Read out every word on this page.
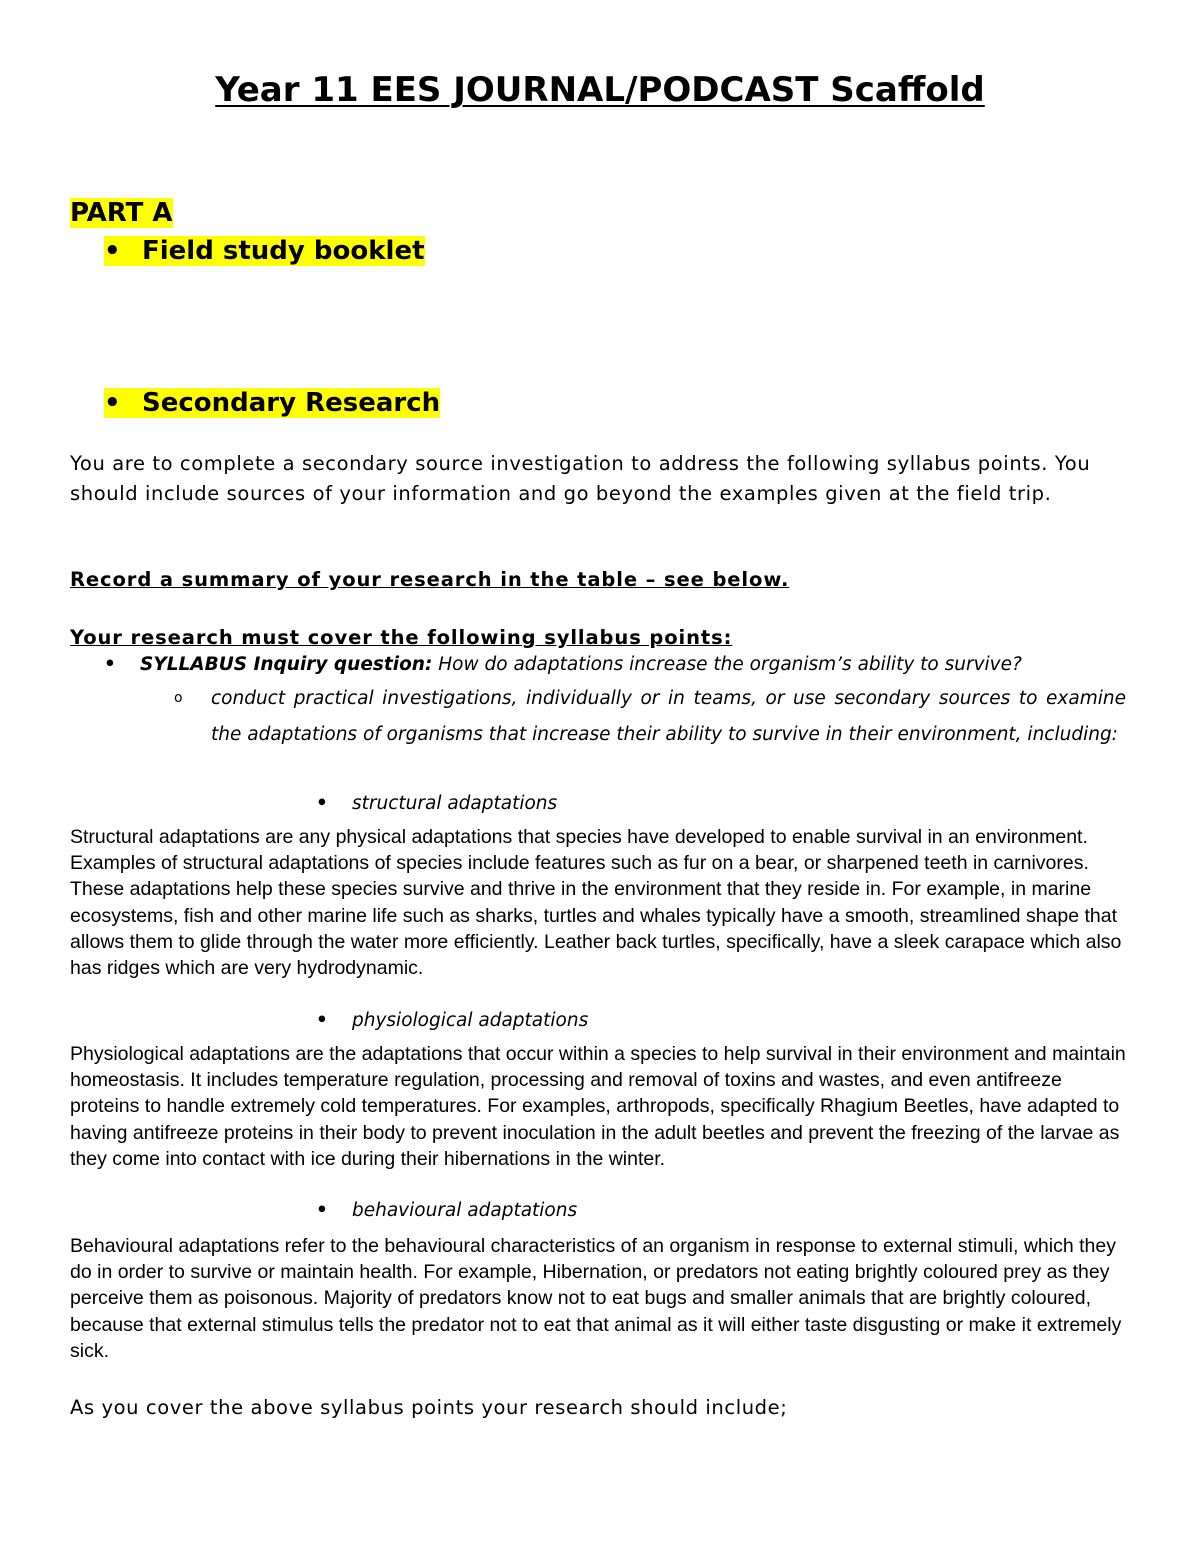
Year 11 EES JOURNAL/PODCAST Scaffold
PART A
• Field study booklet
• Secondary Research
You are to complete a secondary source investigation to address the following syllabus points. You should include sources of your information and go beyond the examples given at the field trip.
Record a summary of your research in the table – see below.
Your research must cover the following syllabus points:
• SYLLABUS Inquiry question: How do adaptations increase the organism’s ability to survive?
o conduct practical investigations, individually or in teams, or use secondary sources to examine the adaptations of organisms that increase their ability to survive in their environment, including:
• structural adaptations
Structural adaptations are any physical adaptations that species have developed to enable survival in an environment. Examples of structural adaptations of species include features such as fur on a bear, or sharpened teeth in carnivores. These adaptations help these species survive and thrive in the environment that they reside in. For example, in marine ecosystems, fish and other marine life such as sharks, turtles and whales typically have a smooth, streamlined shape that allows them to glide through the water more efficiently. Leather back turtles, specifically, have a sleek carapace which also has ridges which are very hydrodynamic.
• physiological adaptations
Physiological adaptations are the adaptations that occur within a species to help survival in their environment and maintain homeostasis. It includes temperature regulation, processing and removal of toxins and wastes, and even antifreeze proteins to handle extremely cold temperatures. For examples, arthropods, specifically Rhagium Beetles, have adapted to having antifreeze proteins in their body to prevent inoculation in the adult beetles and prevent the freezing of the larvae as they come into contact with ice during their hibernations in the winter.
• behavioural adaptations
Behavioural adaptations refer to the behavioural characteristics of an organism in response to external stimuli, which they do in order to survive or maintain health. For example, Hibernation, or predators not eating brightly coloured prey as they perceive them as poisonous. Majority of predators know not to eat bugs and smaller animals that are brightly coloured, because that external stimulus tells the predator not to eat that animal as it will either taste disgusting or make it extremely sick.
As you cover the above syllabus points your research should include;
